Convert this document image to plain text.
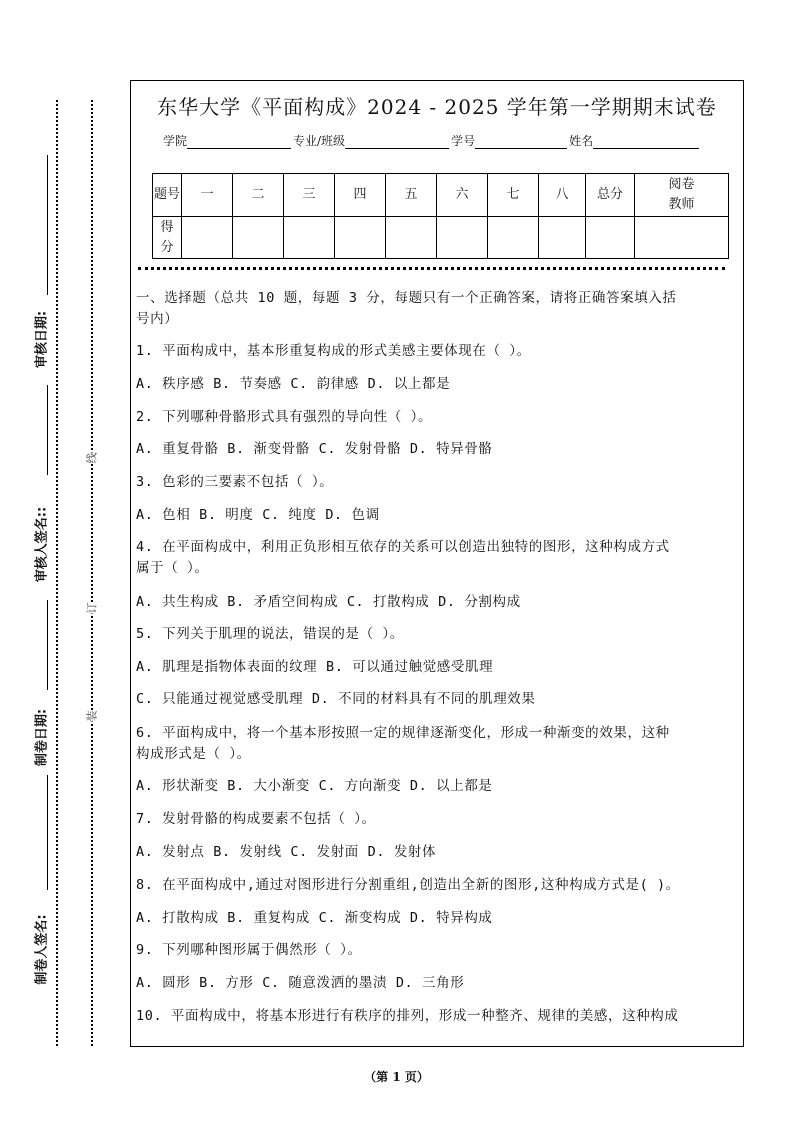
审核日期:
审核人签名::
制卷日期:
制卷人签名:
线
订
装
东华大学《平面构成》2024 - 2025 学年第一学期期末试卷
学院	专业/班级	学号	姓名
题号	一	二	三	四	五	六	七	八	总分	阅卷教师
得分										
一、选择题（总共 10 题，每题 3 分，每题只有一个正确答案，请将正确答案填入括
号内）
1. 平面构成中，基本形重复构成的形式美感主要体现在（ ）。
A. 秩序感 B. 节奏感 C. 韵律感 D. 以上都是
2. 下列哪种骨骼形式具有强烈的导向性（ ）。
A. 重复骨骼 B. 渐变骨骼 C. 发射骨骼 D. 特异骨骼
3. 色彩的三要素不包括（ ）。
A. 色相 B. 明度 C. 纯度 D. 色调
4. 在平面构成中，利用正负形相互依存的关系可以创造出独特的图形，这种构成方式
属于（ ）。
A. 共生构成 B. 矛盾空间构成 C. 打散构成 D. 分割构成
5. 下列关于肌理的说法，错误的是（ ）。
A. 肌理是指物体表面的纹理 B. 可以通过触觉感受肌理
C. 只能通过视觉感受肌理 D. 不同的材料具有不同的肌理效果
6. 平面构成中，将一个基本形按照一定的规律逐渐变化，形成一种渐变的效果，这种
构成形式是（ ）。
A. 形状渐变 B. 大小渐变 C. 方向渐变 D. 以上都是
7. 发射骨骼的构成要素不包括（ ）。
A. 发射点 B. 发射线 C. 发射面 D. 发射体
8. 在平面构成中,通过对图形进行分割重组,创造出全新的图形,这种构成方式是( )。
A. 打散构成 B. 重复构成 C. 渐变构成 D. 特异构成
9. 下列哪种图形属于偶然形（ ）。
A. 圆形 B. 方形 C. 随意泼洒的墨渍 D. 三角形
10. 平面构成中，将基本形进行有秩序的排列，形成一种整齐、规律的美感，这种构成
（第 1 页）
